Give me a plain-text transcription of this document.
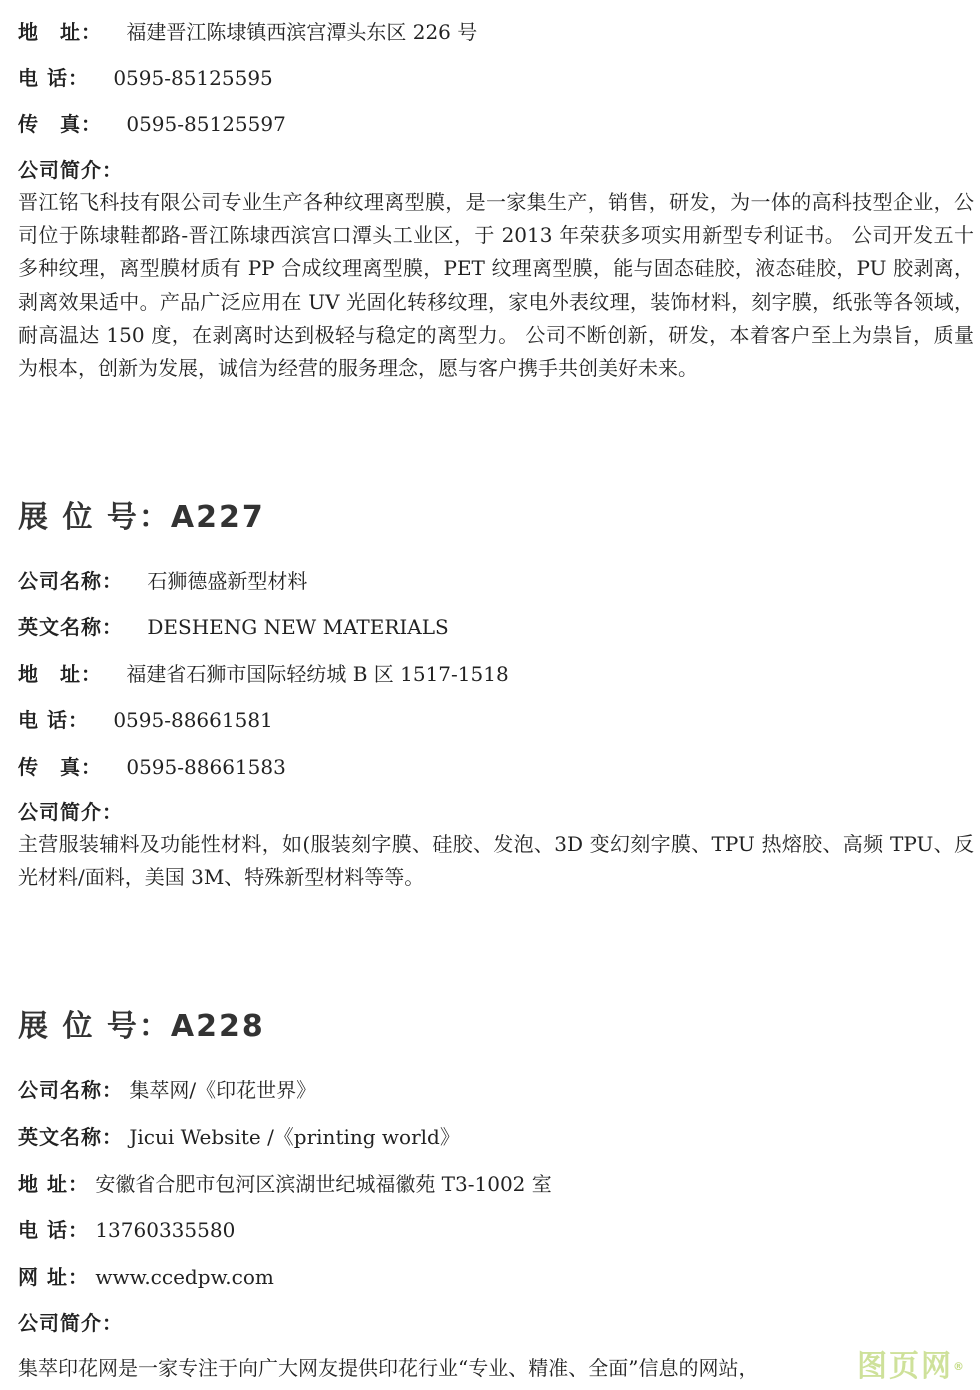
地　址： 福建晋江陈埭镇西滨宫潭头东区 226 号
电 话： 0595-85125595
传　真： 0595-85125597
公司简介：
晋江铭飞科技有限公司专业生产各种纹理离型膜，是一家集生产，销售，研发，为一体的高科技型企业，公司位于陈埭鞋都路-晋江陈埭西滨宫口潭头工业区，于 2013 年荣获多项实用新型专利证书。 公司开发五十多种纹理，离型膜材质有 PP 合成纹理离型膜，PET 纹理离型膜，能与固态硅胶，液态硅胶，PU 胶剥离，剥离效果适中。产品广泛应用在 UV 光固化转移纹理，家电外表纹理，装饰材料，刻字膜，纸张等各领域，耐高温达 150 度，在剥离时达到极轻与稳定的离型力。 公司不断创新，研发，本着客户至上为祟旨，质量为根本，创新为发展，诚信为经营的服务理念，愿与客户携手共创美好未来。
展 位 号：A227
公司名称： 石狮德盛新型材料
英文名称： DESHENG NEW MATERIALS
地　址： 福建省石狮市国际轻纺城 B 区 1517-1518
电 话： 0595-88661581
传　真： 0595-88661583
公司简介：
主营服装辅料及功能性材料，如(服装刻字膜、硅胶、发泡、3D 变幻刻字膜、TPU 热熔胶、高频 TPU、反光材料/面料，美国 3M、特殊新型材料等等。
展 位 号：A228
公司名称： 集萃网/《印花世界》
英文名称： Jicui Website /《printing world》
地 址： 安徽省合肥市包河区滨湖世纪城福徽苑 T3-1002 室
电 话： 13760335580
网 址： www.ccedpw.com
公司简介：
集萃印花网是一家专注于向广大网友提供印花行业“专业、精准、全面”信息的网站，	图页网®
